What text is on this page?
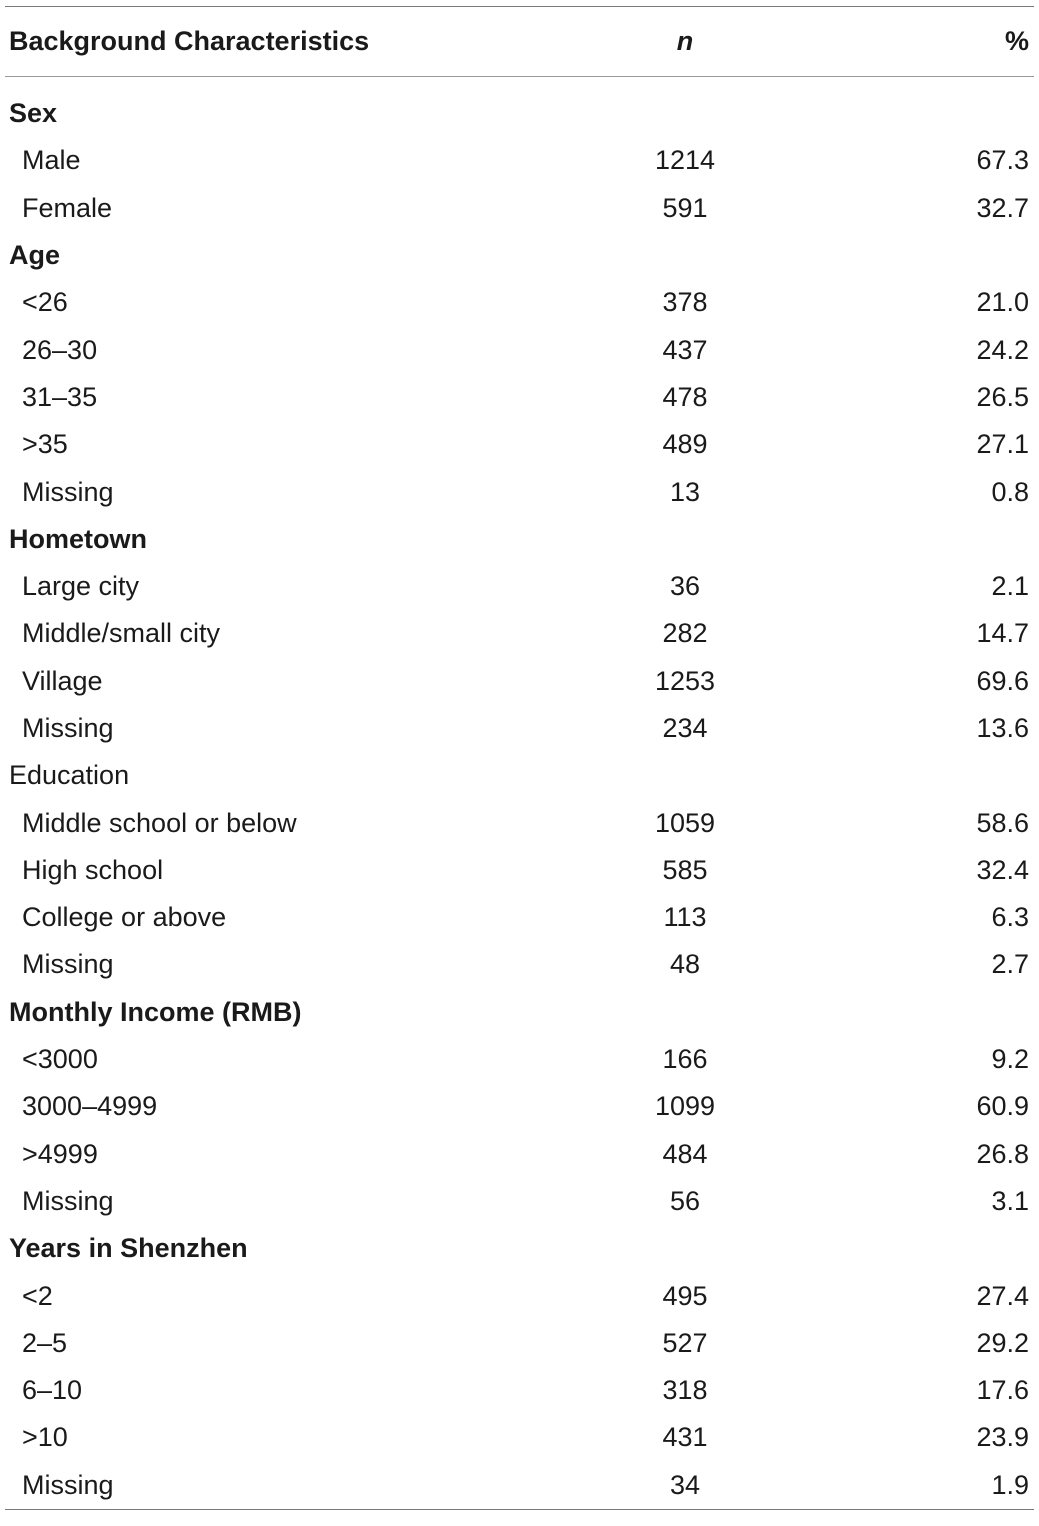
Background Characteristics	n	%
Sex
Male	1214	67.3
Female	591	32.7
Age
<26	378	21.0
26–30	437	24.2
31–35	478	26.5
>35	489	27.1
Missing	13	0.8
Hometown
Large city	36	2.1
Middle/small city	282	14.7
Village	1253	69.6
Missing	234	13.6
Education
Middle school or below	1059	58.6
High school	585	32.4
College or above	113	6.3
Missing	48	2.7
Monthly Income (RMB)
<3000	166	9.2
3000–4999	1099	60.9
>4999	484	26.8
Missing	56	3.1
Years in Shenzhen
<2	495	27.4
2–5	527	29.2
6–10	318	17.6
>10	431	23.9
Missing	34	1.9
